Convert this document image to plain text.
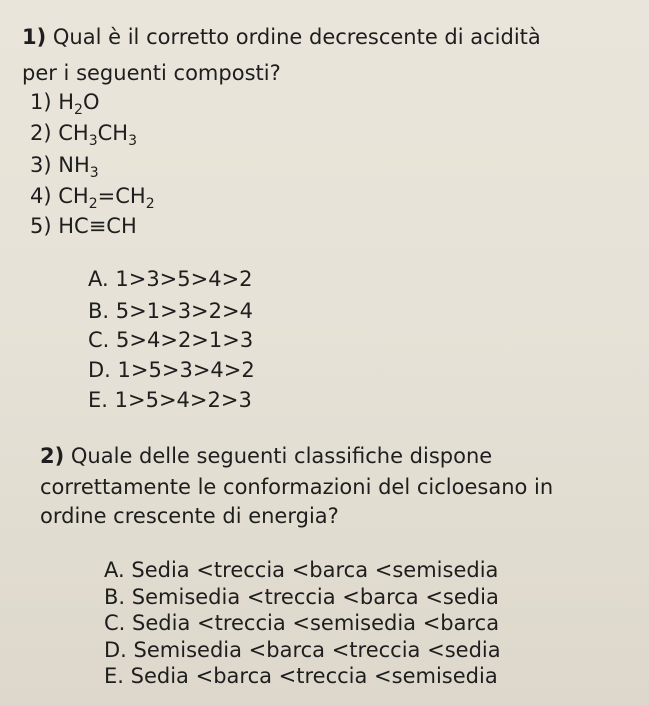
1) Qual è il corretto ordine decrescente di acidità
per i seguenti composti?
1) $H_2O$
2) $CH_3CH_3$
3) $NH_3$
4) $CH_2=CH_2$
5) HC≡CH
A. 1>3>5>4>2
B. 5>1>3>2>4
C. 5>4>2>1>3
D. 1>5>3>4>2
E. 1>5>4>2>3
2) Quale delle seguenti classifiche dispone
correttamente le conformazioni del cicloesano in
ordine crescente di energia?
A. Sedia <treccia <barca <semisedia
B. Semisedia <treccia <barca <sedia
C. Sedia <treccia <semisedia <barca
D. Semisedia <barca <treccia <sedia
E. Sedia <barca <treccia <semisedia
